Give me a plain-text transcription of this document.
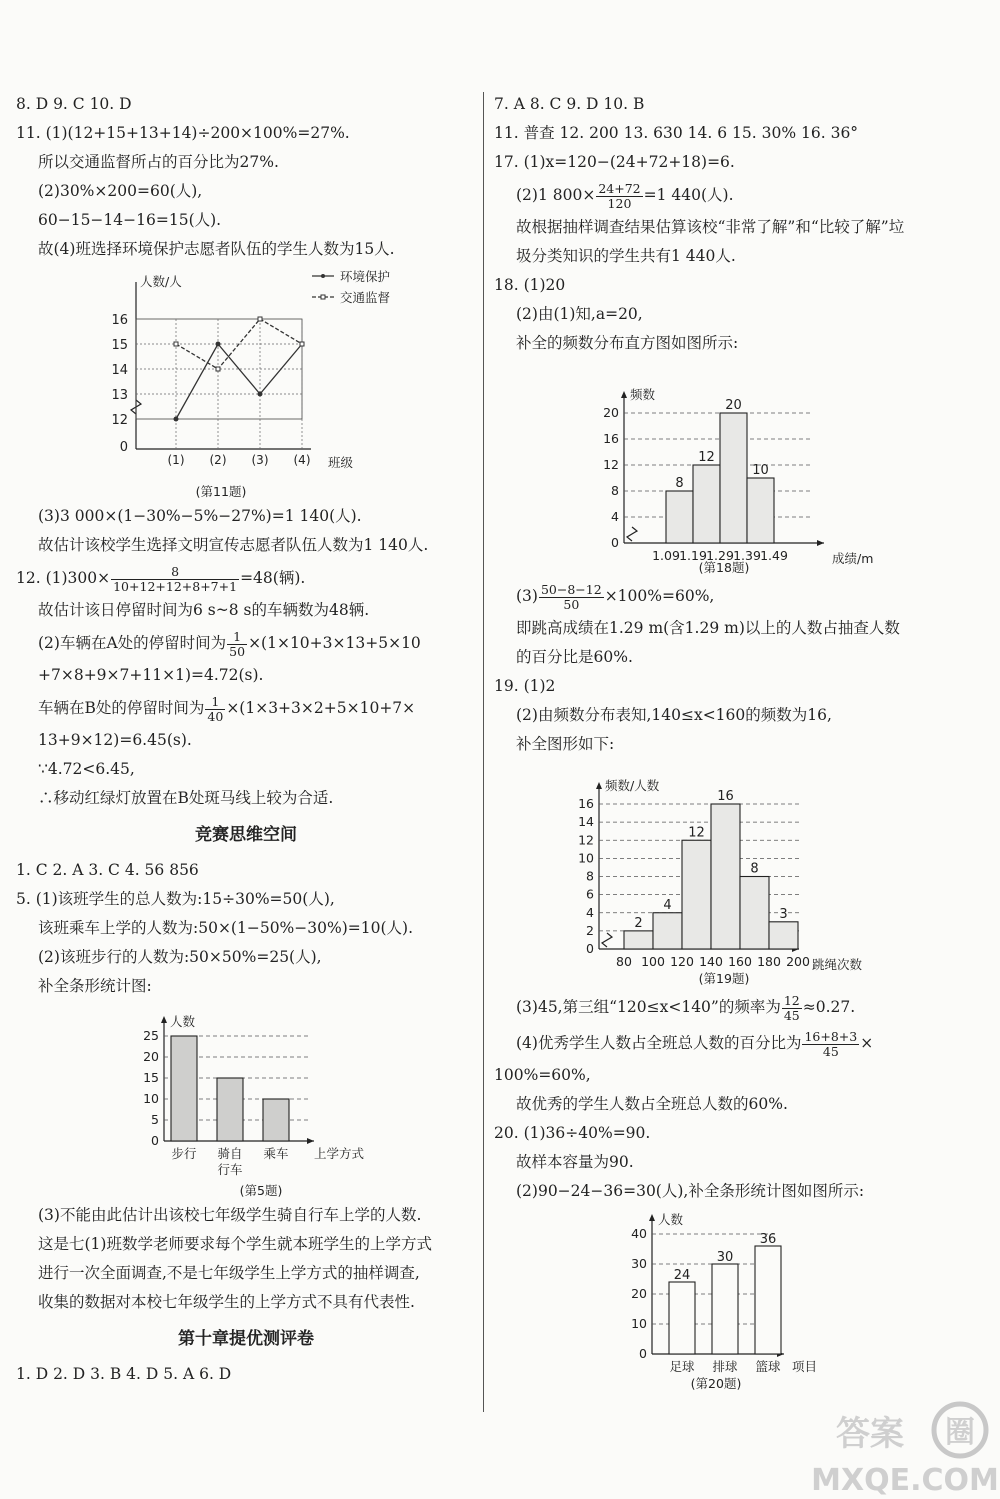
8. D 9. C 10. D
11. (1)(12+15+13+14)÷200×100%=27%.
所以交通监督所占的百分比为27%.
(2)30%×200=60(人),
60−15−14−16=15(人).
故(4)班选择环境保护志愿者队伍的学生人数为15人.
(1) (2) (3) (4)
12
13
14
15
16
0
人数/人
班级
环境保护
交通监督
(第11题)
(3)3 000×(1−30%−5%−27%)=1 140(人).
故估计该校学生选择文明宣传志愿者队伍人数为1 140人.
12. $(1)300\times \frac{8}{10+12+12+8+7+1} =48$(辆).
故估计该日停留时间为6 s~8 s的车辆数为48辆.
(2)车辆在A处的停留时间为 $\frac{1}{50} \times(1\times 10+3\times 13+5\times 10$
+7×8+9×7+11×1)=4.72(s).
车辆在B处的停留时间为 $\frac{1}{40} \times(1\times 3+3\times 2+5\times 10+7\times$
13+9×12)=6.45(s).
∵4.72<6.45,
∴移动红绿灯放置在B处斑马线上较为合适.
竞赛思维空间
1. C 2. A 3. C 4. 56 856
5. (1)该班学生的总人数为:15÷30%=50(人),
该班乘车上学的人数为:50×(1−50%−30%)=10(人).
(2)该班步行的人数为:50×50%=25(人),
补全条形统计图:
0
5
10
15
20
25
步行 骑自
行车
乘车
人数
上学方式
(第5题)
(3)不能由此估计出该校七年级学生骑自行车上学的人数.
这是七(1)班数学老师要求每个学生就本班学生的上学方式
进行一次全面调查,不是七年级学生上学方式的抽样调查,
收集的数据对本校七年级学生的上学方式不具有代表性.
第十章提优测评卷
1. D 2. D 3. B 4. D 5. A 6. D
7. A 8. C 9. D 10. B
11. 普查 12. 200 13. 630 14. 6 15. 30% 16. 36°
17. (1)x=120−(24+72+18)=6.
(2)1 $800\times \frac{24+72}{120} =1$ 440(人).
故根据抽样调查结果估算该校“非常了解”和“比较了解”垃
圾分类知识的学生共有1 440人.
18. (1)20
(2)由(1)知,a=20,
补全的频数分布直方图如图所示:
0
4
8
12
16
20
8
12
20
10
1.09 1.19 1.29 1.39 1.49
频数
成绩/m
(第18题)
$(3) \frac{50-8-12}{50} \times 100\%=60\%$,
即跳高成绩在1.29 m(含1.29 m)以上的人数占抽查人数
的百分比是60%.
19. (1)2
(2)由频数分布表知,140≤x<160的频数为16,
补全图形如下:
0
2
4
6
8
10
12
14
16
2
4
12
16
8
3
80 100 120 140 160 180 200
频数/人数
跳绳次数
(第19题)
(3)45,第三组“120≤x<140”的频率为 $\frac{12}{45} \approx 0.27$.
(4)优秀学生人数占全班总人数的百分比为 $\frac{16+8+3}{45}$ ×
100%=60%,
故优秀的学生人数占全班总人数的60%.
20. (1)36÷40%=90.
故样本容量为90.
(2)90−24−36=30(人),补全条形统计图如图所示:
0
10
20
30
40
24
足球
30
排球
36
篮球
人数
项目
(第20题)
答案 圈
MXQE.COM
